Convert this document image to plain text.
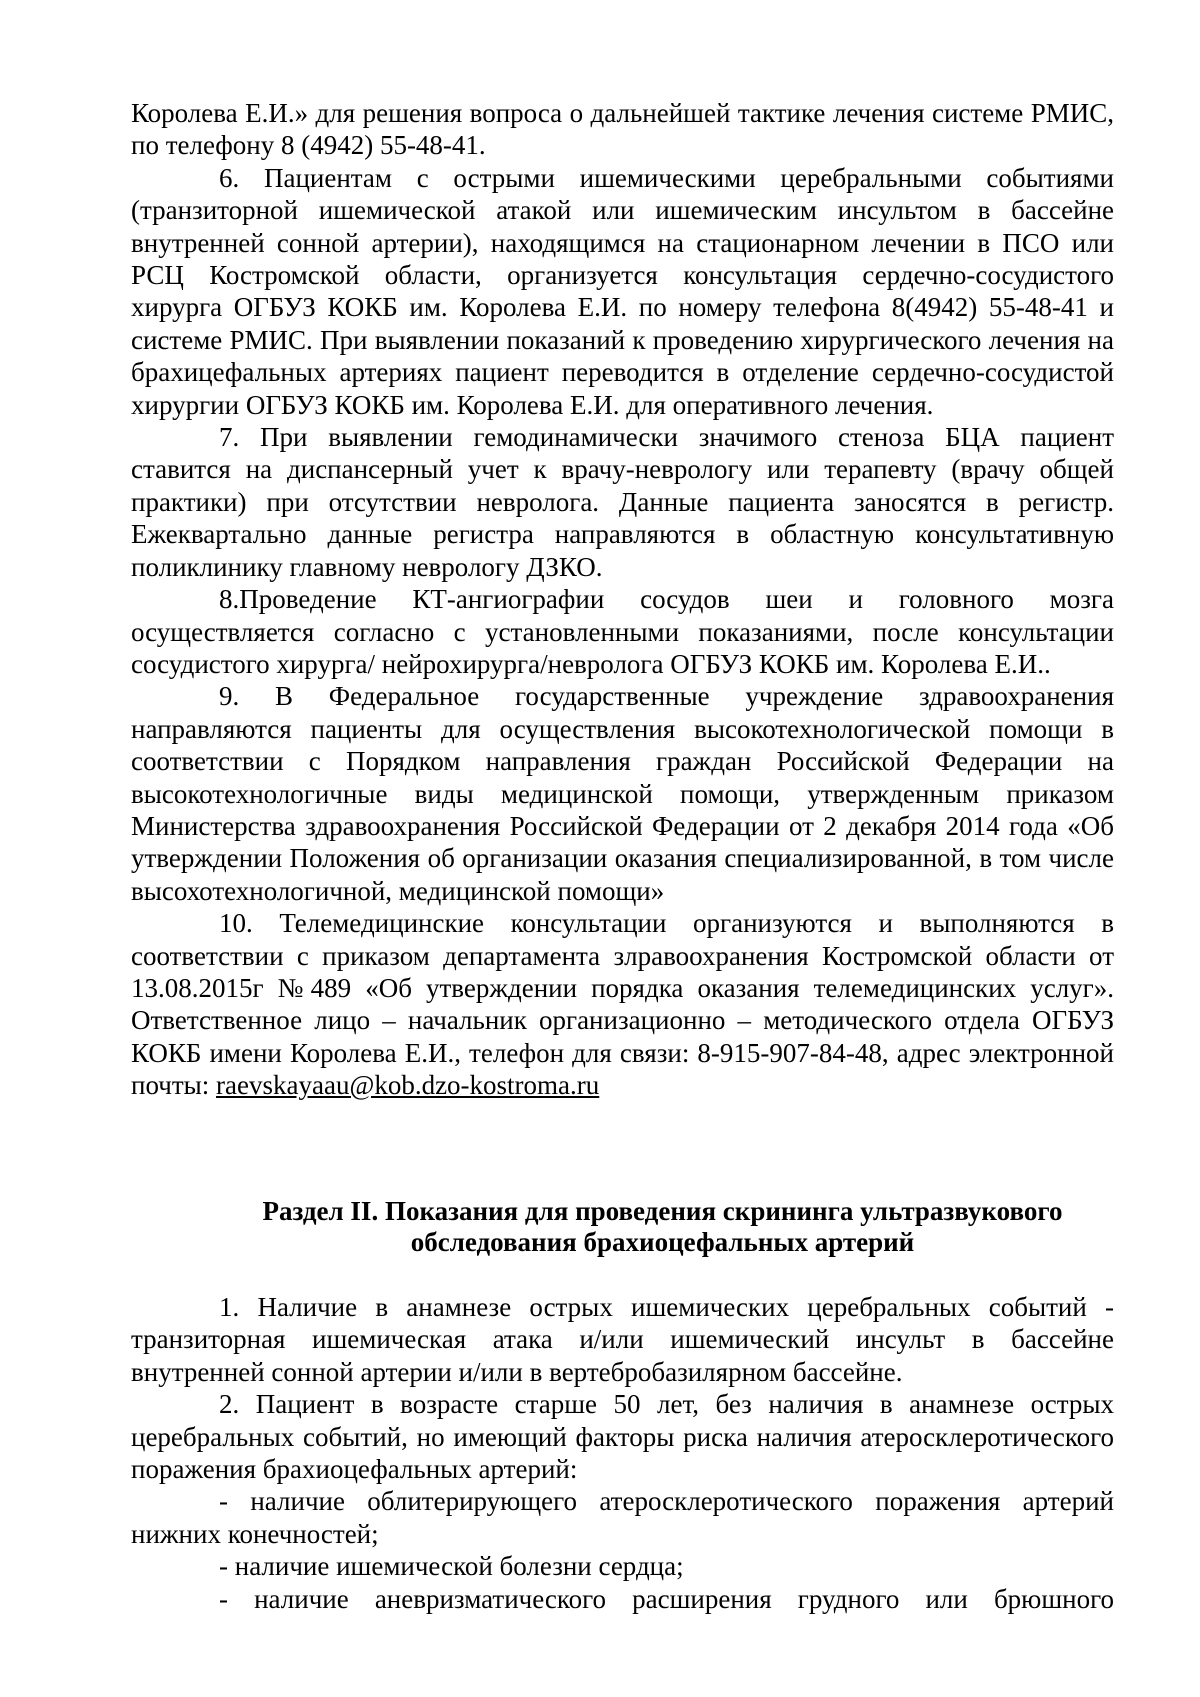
Королева Е.И.» для решения вопроса о дальнейшей тактике лечения системе РМИС, по телефону 8 (4942) 55-48-41.

6. Пациентам с острыми ишемическими церебральными событиями (транзиторной ишемической атакой или ишемическим инсультом в бассейне внутренней сонной артерии), находящимся на стационарном лечении в ПСО или РСЦ Костромской области, организуется консультация сердечно-сосудистого хирурга ОГБУЗ КОКБ им. Королева Е.И. по номеру телефона 8(4942) 55-48-41 и системе РМИС. При выявлении показаний к проведению хирургического лечения на брахицефальных артериях пациент переводится в отделение сердечно-сосудистой хирургии ОГБУЗ КОКБ им. Королева Е.И. для оперативного лечения.

7. При выявлении гемодинамически значимого стеноза БЦА пациент ставится на диспансерный учет к врачу-неврологу или терапевту (врачу общей практики) при отсутствии невролога. Данные пациента заносятся в регистр. Ежеквартально данные регистра направляются в областную консультативную поликлинику главному неврологу ДЗКО.

8.Проведение КТ-ангиографии сосудов шеи и головного мозга осуществляется согласно с установленными показаниями, после консультации сосудистого хирурга/ нейрохирурга/невролога ОГБУЗ КОКБ им. Королева Е.И..

9. В Федеральное государственные учреждение здравоохранения направляются пациенты для осуществления высокотехнологической помощи в соответствии с Порядком направления граждан Российской Федерации на высокотехнологичные виды медицинской помощи, утвержденным приказом Министерства здравоохранения Российской Федерации от 2 декабря 2014 года «Об утверждении Положения об организации оказания специализированной, в том числе высохотехнологичной, медицинской помощи»

10. Телемедицинские консультации организуются и выполняются в соответствии с приказом департамента злравоохранения Костромской области от 13.08.2015г №489 «Об утверждении порядка оказания телемедицинских услуг». Ответственное лицо – начальник организационно – методического отдела ОГБУЗ КОКБ имени Королева Е.И., телефон для связи: 8-915-907-84-48, адрес электронной почты: raevskayaau@kob.dzo-kostroma.ru

Раздел II. Показания для проведения скрининга ультразвукового
обследования брахиоцефальных артерий

1. Наличие в анамнезе острых ишемических церебральных событий - транзиторная ишемическая атака и/или ишемический инсульт в бассейне внутренней сонной артерии и/или в вертебробазилярном бассейне.

2. Пациент в возрасте старше 50 лет, без наличия в анамнезе острых церебральных событий, но имеющий факторы риска наличия атеросклеротического поражения брахиоцефальных артерий:

- наличие облитерирующего атеросклеротического поражения артерий нижних конечностей;

- наличие ишемической болезни сердца;

- наличие аневризматического расширения грудного или брюшного
